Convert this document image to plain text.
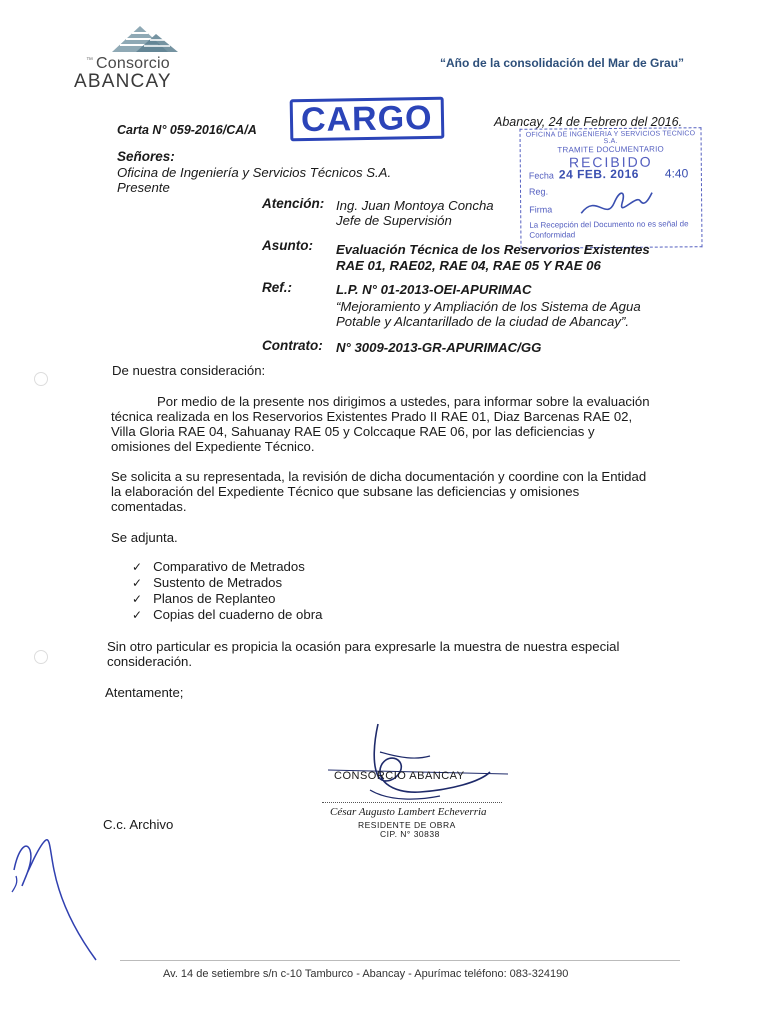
™ Consorcio
ABANCAY
“Año de la consolidación del Mar de Grau”
CARGO	Abancay, 24 de Febrero del 2016.
OFICINA DE INGENIERIA Y SERVICIOS TECNICO S.A.
TRAMITE DOCUMENTARIO
RECIBIDO
Fecha 24 FEB. 2016 4:40
Reg.
Firma
La Recepción del Documento no es señal de Conformidad
Carta N° 059-2016/CA/A
Señores:
Oficina de Ingeniería y Servicios Técnicos S.A.
Presente
Atención: Ing. Juan Montoya Concha
Jefe de Supervisión
Asunto: Evaluación Técnica de los Reservorios Existentes
RAE 01, RAE02, RAE 04, RAE 05 Y RAE 06
Ref.:	L.P. N° 01-2013-OEI-APURIMAC
“Mejoramiento y Ampliación de los Sistema de Agua
Potable y Alcantarillado de la ciudad de Abancay”.
Contrato: N° 3009-2013-GR-APURIMAC/GG
De nuestra consideración:
Por medio de la presente nos dirigimos a ustedes, para informar sobre la evaluación
técnica realizada en los Reservorios Existentes Prado II RAE 01, Diaz Barcenas RAE 02,
Villa Gloria RAE 04, Sahuanay RAE 05 y Colccaque RAE 06, por las deficiencias y
omisiones del Expediente Técnico.
Se solicita a su representada, la revisión de dicha documentación y coordine con la Entidad
la elaboración del Expediente Técnico que subsane las deficiencias y omisiones
comentadas.
Se adjunta.
✓ Comparativo de Metrados
✓ Sustento de Metrados
✓ Planos de Replanteo
✓ Copias del cuaderno de obra
Sin otro particular es propicia la ocasión para expresarle la muestra de nuestra especial
consideración.
Atentamente;
CONSORCIO ABANCAY
César Augusto Lambert Echeverria
RESIDENTE DE OBRA
CIP. N° 30838
C.c. Archivo
Av. 14 de setiembre s/n c-10 Tamburco - Abancay - Apurímac teléfono: 083-324190
